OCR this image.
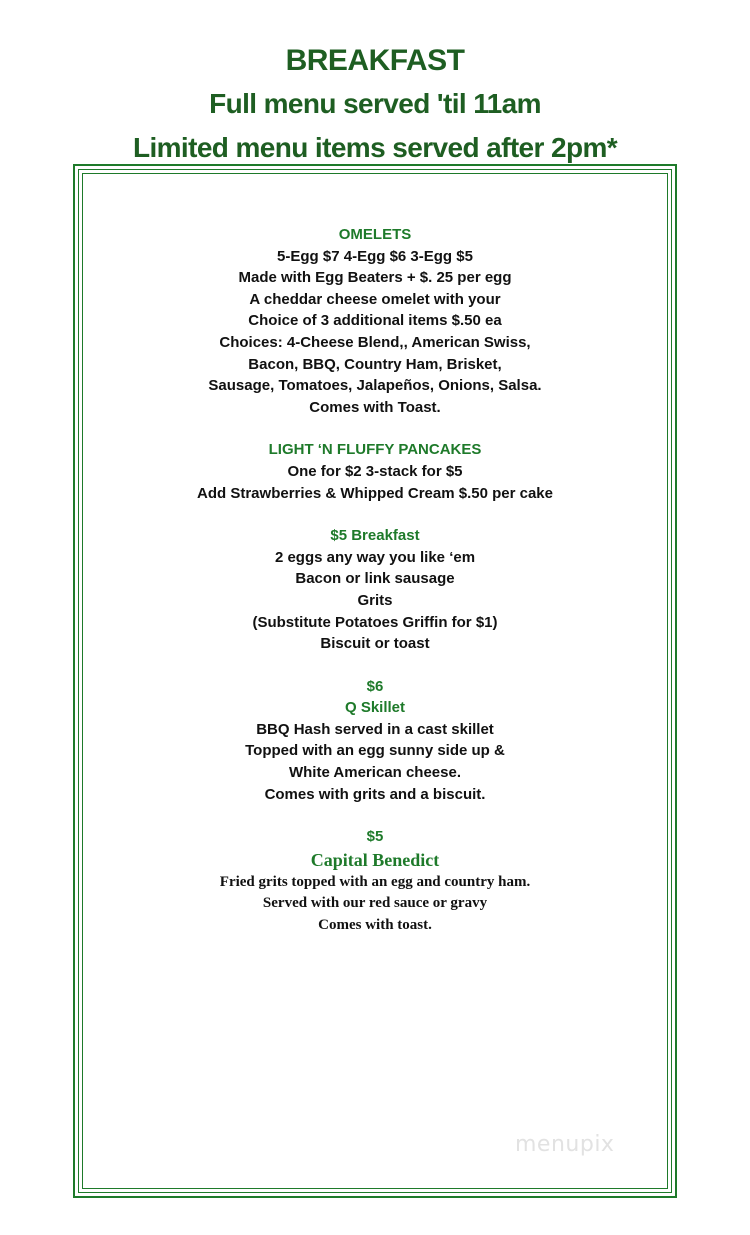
BREAKFAST
Full menu served 'til 11am
Limited menu items served after 2pm*
OMELETS
5-Egg $7 4-Egg $6 3-Egg $5
Made with Egg Beaters + $. 25 per egg
A cheddar cheese omelet with your
Choice of 3 additional items $.50 ea
Choices: 4-Cheese Blend,, American Swiss,
Bacon, BBQ, Country Ham, Brisket,
Sausage, Tomatoes, Jalapeños, Onions, Salsa.
Comes with Toast.
LIGHT ‘N FLUFFY PANCAKES
One for $2 3-stack for $5
Add Strawberries & Whipped Cream $.50 per cake
$5 Breakfast
2 eggs any way you like ‘em
Bacon or link sausage
Grits
(Substitute Potatoes Griffin for $1)
Biscuit or toast
$6
Q Skillet
BBQ Hash served in a cast skillet
Topped with an egg sunny side up &
White American cheese.
Comes with grits and a biscuit.
$5
Capital Benedict
Fried grits topped with an egg and country ham.
Served with our red sauce or gravy
Comes with toast.
menupix
